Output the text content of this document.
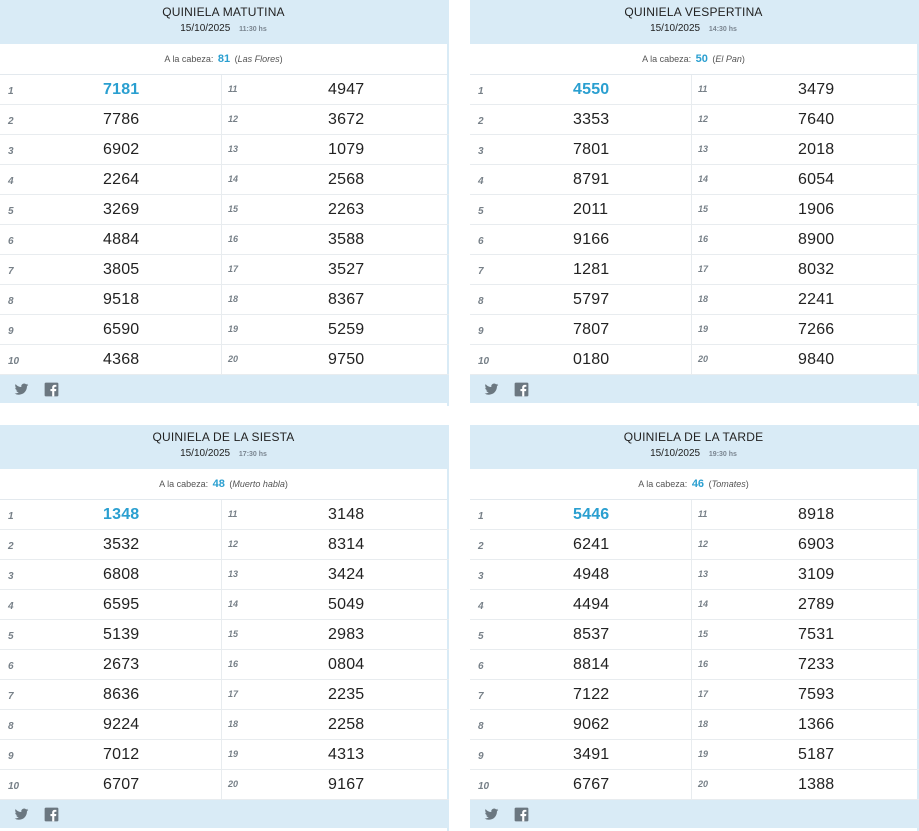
QUINIELA MATUTINA
15/10/2025 11:30 hs
A la cabeza: 81 (Las Flores)
1	7181	11	4947
2	7786	12	3672
3	6902	13	1079
4	2264	14	2568
5	3269	15	2263
6	4884	16	3588
7	3805	17	3527
8	9518	18	8367
9	6590	19	5259
10	4368	20	9750
QUINIELA VESPERTINA
15/10/2025 14:30 hs
A la cabeza: 50 (El Pan)
1	4550	11	3479
2	3353	12	7640
3	7801	13	2018
4	8791	14	6054
5	2011	15	1906
6	9166	16	8900
7	1281	17	8032
8	5797	18	2241
9	7807	19	7266
10	0180	20	9840
QUINIELA DE LA SIESTA
15/10/2025 17:30 hs
A la cabeza: 48 (Muerto habla)
1	1348	11	3148
2	3532	12	8314
3	6808	13	3424
4	6595	14	5049
5	5139	15	2983
6	2673	16	0804
7	8636	17	2235
8	9224	18	2258
9	7012	19	4313
10	6707	20	9167
QUINIELA DE LA TARDE
15/10/2025 19:30 hs
A la cabeza: 46 (Tomates)
1	5446	11	8918
2	6241	12	6903
3	4948	13	3109
4	4494	14	2789
5	8537	15	7531
6	8814	16	7233
7	7122	17	7593
8	9062	18	1366
9	3491	19	5187
10	6767	20	1388
